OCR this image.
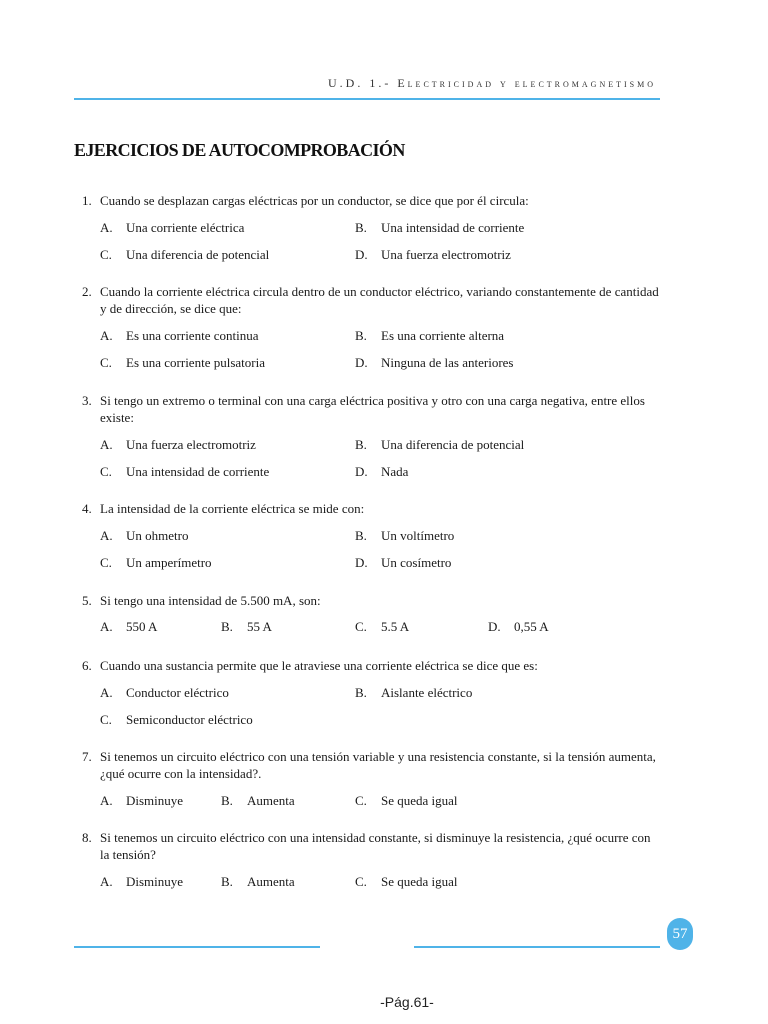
U.D. 1.- Electricidad y electromagnetismo
EJERCICIOS DE AUTOCOMPROBACIÓN
1. Cuando se desplazan cargas eléctricas por un conductor, se dice que por él circula:
A. Una corriente eléctrica	B. Una intensidad de corriente
C. Una diferencia de potencial	D. Una fuerza electromotriz
2. Cuando la corriente eléctrica circula dentro de un conductor eléctrico, variando constantemente de cantidad y de dirección, se dice que:
A. Es una corriente continua	B. Es una corriente alterna
C. Es una corriente pulsatoria	D. Ninguna de las anteriores
3. Si tengo un extremo o terminal con una carga eléctrica positiva y otro con una carga negativa, entre ellos existe:
A. Una fuerza electromotriz	B. Una diferencia de potencial
C. Una intensidad de corriente	D. Nada
4. La intensidad de la corriente eléctrica se mide con:
A. Un ohmetro	B. Un voltímetro
C. Un amperímetro	D. Un cosímetro
5. Si tengo una intensidad de 5.500 mA, son:
A. 550 A	B. 55 A	C. 5.5 A	D. 0,55 A
6. Cuando una sustancia permite que le atraviese una corriente eléctrica se dice que es:
A. Conductor eléctrico	B. Aislante eléctrico
C. Semiconductor eléctrico
7. Si tenemos un circuito eléctrico con una tensión variable y una resistencia constante, si la tensión aumenta, ¿qué ocurre con la intensidad?.
A. Disminuye	B. Aumenta	C. Se queda igual
8. Si tenemos un circuito eléctrico con una intensidad constante, si disminuye la resistencia, ¿qué ocurre con la tensión?
A. Disminuye	B. Aumenta	C. Se queda igual
57
-Pág.61-
